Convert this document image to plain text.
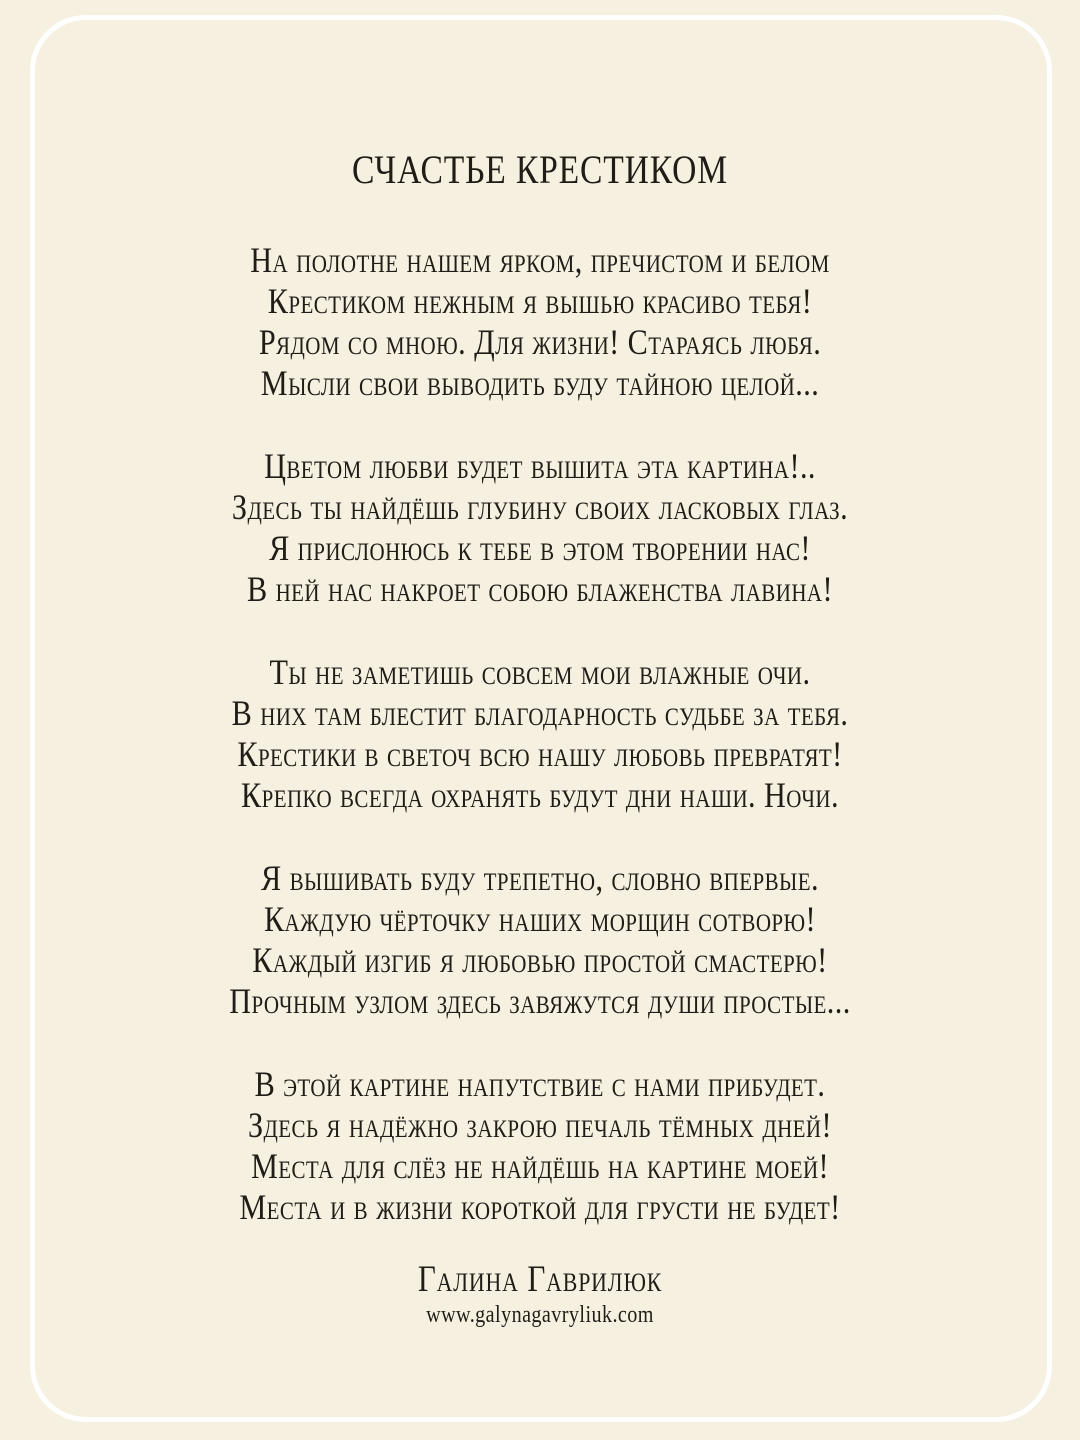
СЧАСТЬЕ КРЕСТИКОМ

На полотне нашем ярком, пречистом и белом

Крестиком нежным я вышью красиво тебя!

Рядом со мною. Для жизни! Стараясь любя.

Мысли свои выводить буду тайною целой...

Цветом любви будет вышита эта картина!..

Здесь ты найдёшь глубину своих ласковых глаз.

Я прислонюсь к тебе в этом творении нас!

В ней нас накроет собою блаженства лавина!

Ты не заметишь совсем мои влажные очи.

В них там блестит благодарность судьбе за тебя.

Крестики в светоч всю нашу любовь превратят!

Крепко всегда охранять будут дни наши. Ночи.

Я вышивать буду трепетно, словно впервые.

Каждую чёрточку наших морщин сотворю!

Каждый изгиб я любовью простой смастерю!

Прочным узлом здесь завяжутся души простые...

В этой картине напутствие с нами прибудет.

Здесь я надёжно закрою печаль тёмных дней!

Места для слёз не найдёшь на картине моей!

Места и в жизни короткой для грусти не будет!

Галина Гаврилюк
www.galynagavryliuk.com
